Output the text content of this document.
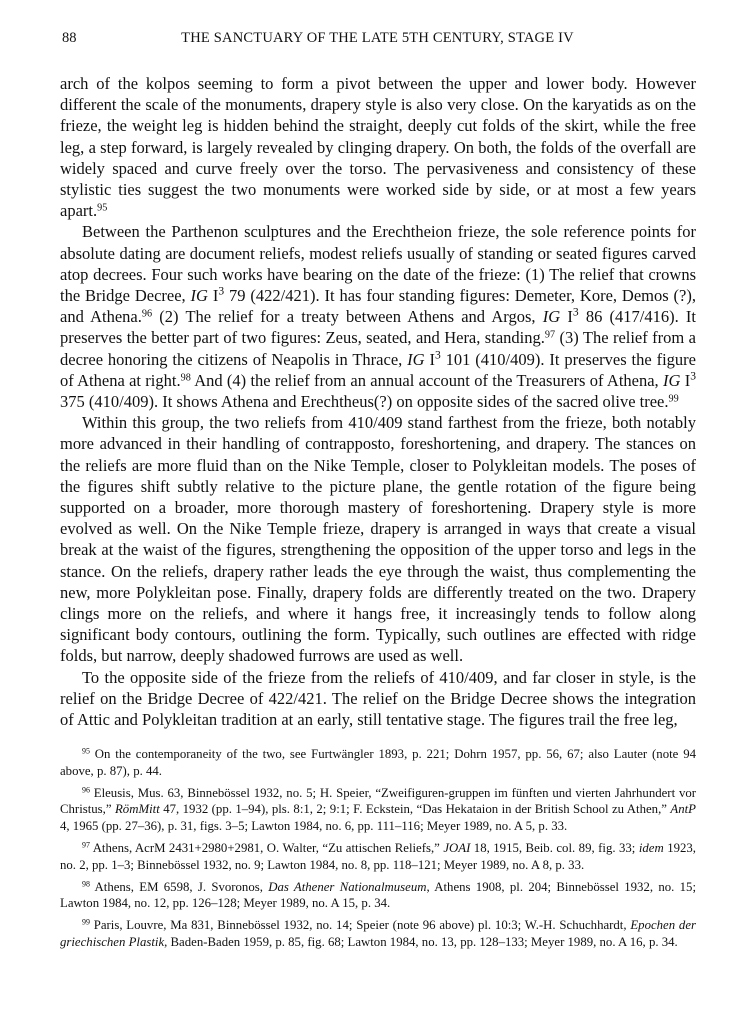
88	THE SANCTUARY OF THE LATE 5TH CENTURY, STAGE IV

arch of the kolpos seeming to form a pivot between the upper and lower body. However different the scale of the monuments, drapery style is also very close. On the karyatids as on the frieze, the weight leg is hidden behind the straight, deeply cut folds of the skirt, while the free leg, a step forward, is largely revealed by clinging drapery. On both, the folds of the overfall are widely spaced and curve freely over the torso. The pervasiveness and consistency of these stylistic ties suggest the two monuments were worked side by side, or at most a few years apart.$^{95}$

Between the Parthenon sculptures and the Erechtheion frieze, the sole reference points for absolute dating are document reliefs, modest reliefs usually of standing or seated figures carved atop decrees. Four such works have bearing on the date of the frieze: (1) The relief that crowns the Bridge Decree, IG $I^3$ 79 (422/421). It has four standing figures: Demeter, Kore, Demos (?), and Athena.$^{96}$ (2) The relief for a treaty between Athens and Argos, IG $I^3$ 86 (417/416). It preserves the better part of two figures: Zeus, seated, and Hera, standing.$^{97}$ (3) The relief from a decree honoring the citizens of Neapolis in Thrace, IG $I^3$ 101 (410/409). It preserves the figure of Athena at right.$^{98}$ And (4) the relief from an annual account of the Treasurers of Athena, IG $I^3$ 375 (410/409). It shows Athena and Erechtheus(?) on opposite sides of the sacred olive tree.$^{99}$

Within this group, the two reliefs from 410/409 stand farthest from the frieze, both notably more advanced in their handling of contrapposto, foreshortening, and drapery. The stances on the reliefs are more fluid than on the Nike Temple, closer to Polykleitan models. The poses of the figures shift subtly relative to the picture plane, the gentle rotation of the figure being supported on a broader, more thorough mastery of foreshortening. Drapery style is more evolved as well. On the Nike Temple frieze, drapery is arranged in ways that create a visual break at the waist of the figures, strengthening the opposition of the upper torso and legs in the stance. On the reliefs, drapery rather leads the eye through the waist, thus complementing the new, more Polykleitan pose. Finally, drapery folds are differently treated on the two. Drapery clings more on the reliefs, and where it hangs free, it increasingly tends to follow along significant body contours, outlining the form. Typically, such outlines are effected with ridge folds, but narrow, deeply shadowed furrows are used as well.

To the opposite side of the frieze from the reliefs of 410/409, and far closer in style, is the relief on the Bridge Decree of 422/421. The relief on the Bridge Decree shows the integration of Attic and Polykleitan tradition at an early, still tentative stage. The figures trail the free leg,

$^{95}$ On the contemporaneity of the two, see Furtwängler 1893, p. 221; Dohrn 1957, pp. 56, 67; also Lauter (note 94 above, p. 87), p. 44.

$^{96}$ Eleusis, Mus. 63, Binnebössel 1932, no. 5; H. Speier, “Zweifiguren-gruppen im fünften und vierten Jahrhundert vor Christus,” RömMitt 47, 1932 (pp. 1–94), pls. 8:1, 2; 9:1; F. Eckstein, “Das Hekataion in der British School zu Athen,” AntP 4, 1965 (pp. 27–36), p. 31, figs. 3–5; Lawton 1984, no. 6, pp. 111–116; Meyer 1989, no. A 5, p. 33.

$^{97}$ Athens, AcrM 2431+2980+2981, O. Walter, “Zu attischen Reliefs,” JOAI 18, 1915, Beib. col. 89, fig. 33; idem 1923, no. 2, pp. 1–3; Binnebössel 1932, no. 9; Lawton 1984, no. 8, pp. 118–121; Meyer 1989, no. A 8, p. 33.

$^{98}$ Athens, EM 6598, J. Svoronos, Das Athener Nationalmuseum, Athens 1908, pl. 204; Binnebössel 1932, no. 15; Lawton 1984, no. 12, pp. 126–128; Meyer 1989, no. A 15, p. 34.

$^{99}$ Paris, Louvre, Ma 831, Binnebössel 1932, no. 14; Speier (note 96 above) pl. 10:3; W.-H. Schuchhardt, Epochen der griechischen Plastik, Baden-Baden 1959, p. 85, fig. 68; Lawton 1984, no. 13, pp. 128–133; Meyer 1989, no. A 16, p. 34.
